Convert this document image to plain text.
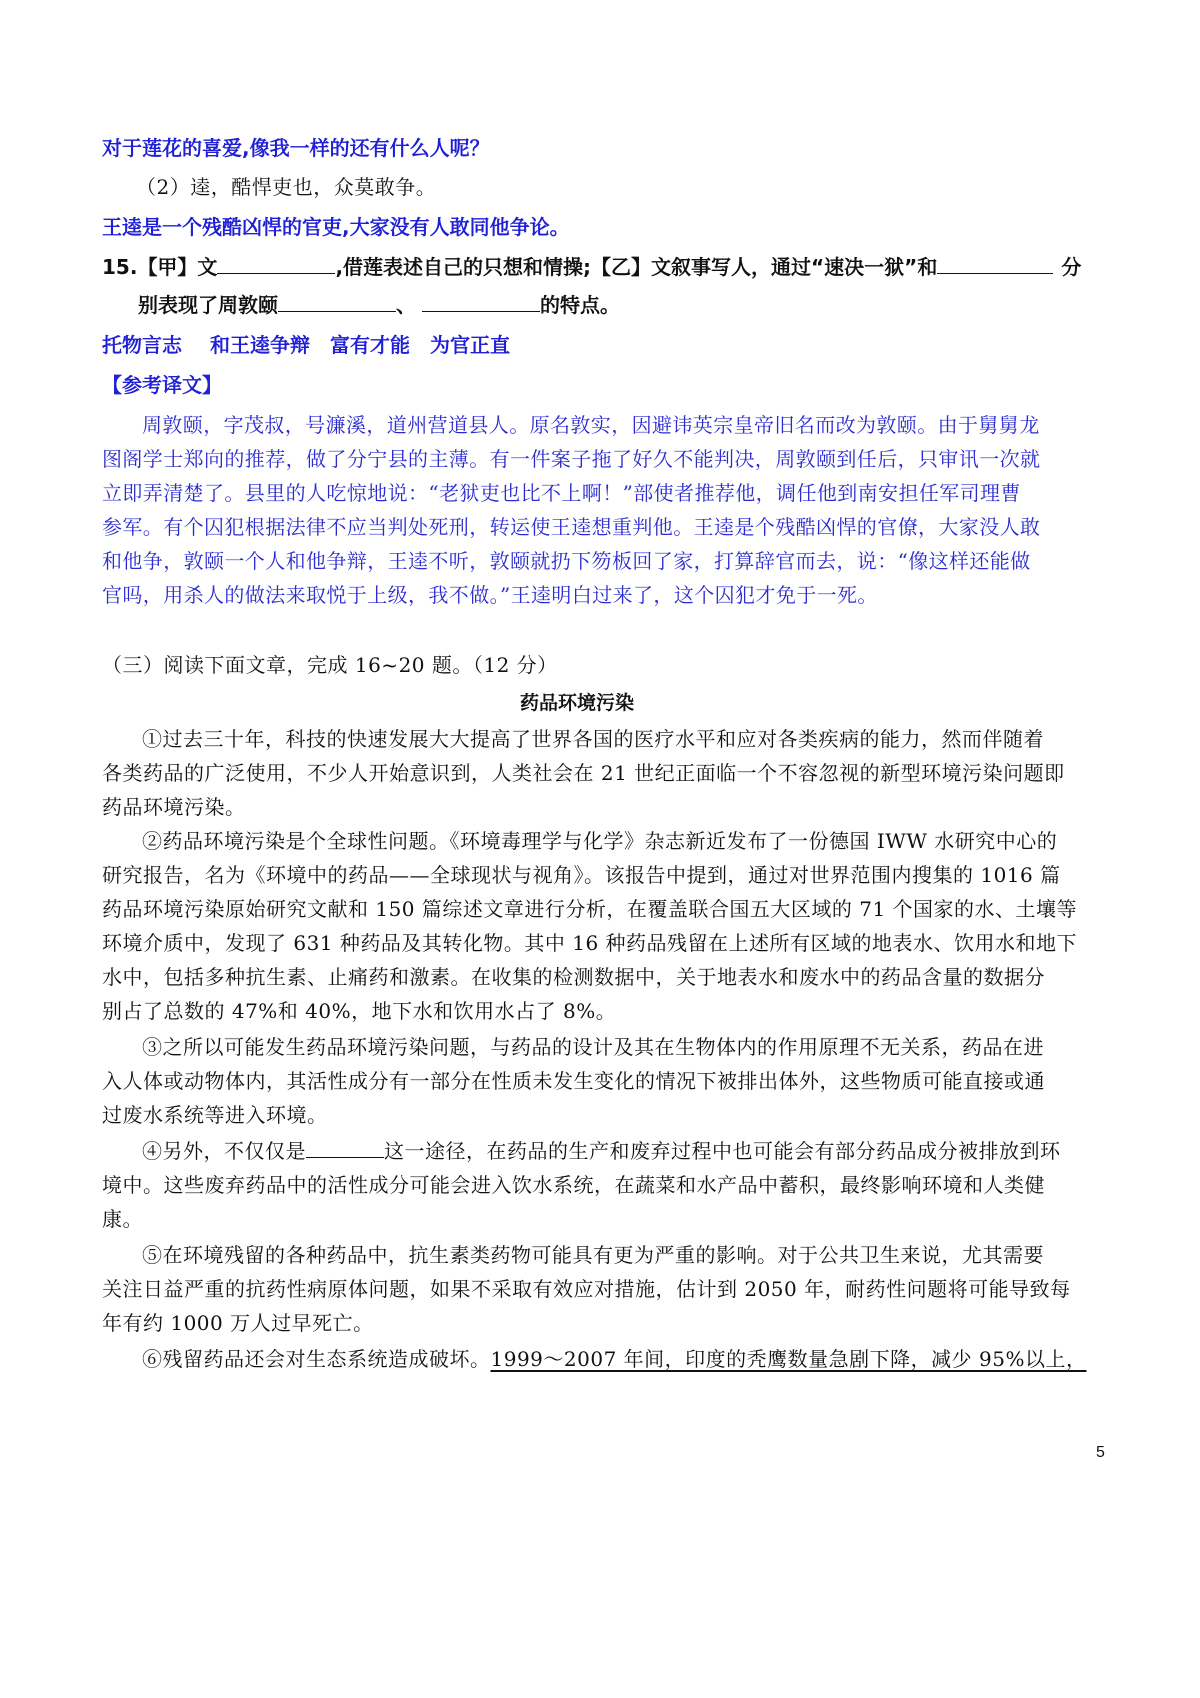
对于莲花的喜爱,像我一样的还有什么人呢？
（2）逵，酷悍吏也，众莫敢争。
王逵是一个残酷凶悍的官吏,大家没有人敢同他争论。
15.【甲】文	,借莲表述自己的只想和情操;【乙】文叙事写人，通过“速决一狱”和	分
别表现了周敦颐	、	的特点。
托物言志 和王逵争辩 富有才能 为官正直
【参考译文】
周敦颐，字茂叔，号濂溪，道州营道县人。原名敦实，因避讳英宗皇帝旧名而改为敦颐。由于舅舅龙
图阁学士郑向的推荐，做了分宁县的主薄。有一件案子拖了好久不能判决，周敦颐到任后，只审讯一次就
立即弄清楚了。县里的人吃惊地说：“老狱吏也比不上啊！”部使者推荐他，调任他到南安担任军司理曹
参军。有个囚犯根据法律不应当判处死刑，转运使王逵想重判他。王逵是个残酷凶悍的官僚，大家没人敢
和他争，敦颐一个人和他争辩，王逵不听，敦颐就扔下笏板回了家，打算辞官而去，说：“像这样还能做
官吗，用杀人的做法来取悦于上级，我不做。”王逵明白过来了，这个囚犯才免于一死。
（三）阅读下面文章，完成 16~20 题。（12 分）
药品环境污染
①过去三十年，科技的快速发展大大提高了世界各国的医疗水平和应对各类疾病的能力，然而伴随着
各类药品的广泛使用，不少人开始意识到，人类社会在 21 世纪正面临一个不容忽视的新型环境污染问题即
药品环境污染。
②药品环境污染是个全球性问题。《环境毒理学与化学》杂志新近发布了一份德国 IWW 水研究中心的
研究报告，名为《环境中的药品——全球现状与视角》。该报告中提到，通过对世界范围内搜集的 1016 篇
药品环境污染原始研究文献和 150 篇综述文章进行分析，在覆盖联合国五大区域的 71 个国家的水、土壤等
环境介质中，发现了 631 种药品及其转化物。其中 16 种药品残留在上述所有区域的地表水、饮用水和地下
水中，包括多种抗生素、止痛药和激素。在收集的检测数据中，关于地表水和废水中的药品含量的数据分
别占了总数的 47%和 40%，地下水和饮用水占了 8%。
③之所以可能发生药品环境污染问题，与药品的设计及其在生物体内的作用原理不无关系，药品在进
入人体或动物体内，其活性成分有一部分在性质未发生变化的情况下被排出体外，这些物质可能直接或通
过废水系统等进入环境。
④另外，不仅仅是	这一途径，在药品的生产和废弃过程中也可能会有部分药品成分被排放到环
境中。这些废弃药品中的活性成分可能会进入饮水系统，在蔬菜和水产品中蓄积，最终影响环境和人类健
康。
⑤在环境残留的各种药品中，抗生素类药物可能具有更为严重的影响。对于公共卫生来说，尤其需要
关注日益严重的抗药性病原体问题，如果不采取有效应对措施，估计到 2050 年，耐药性问题将可能导致每
年有约 1000 万人过早死亡。
⑥残留药品还会对生态系统造成破坏。1999～2007 年间，印度的秃鹰数量急剧下降，减少 95%以上，
5
